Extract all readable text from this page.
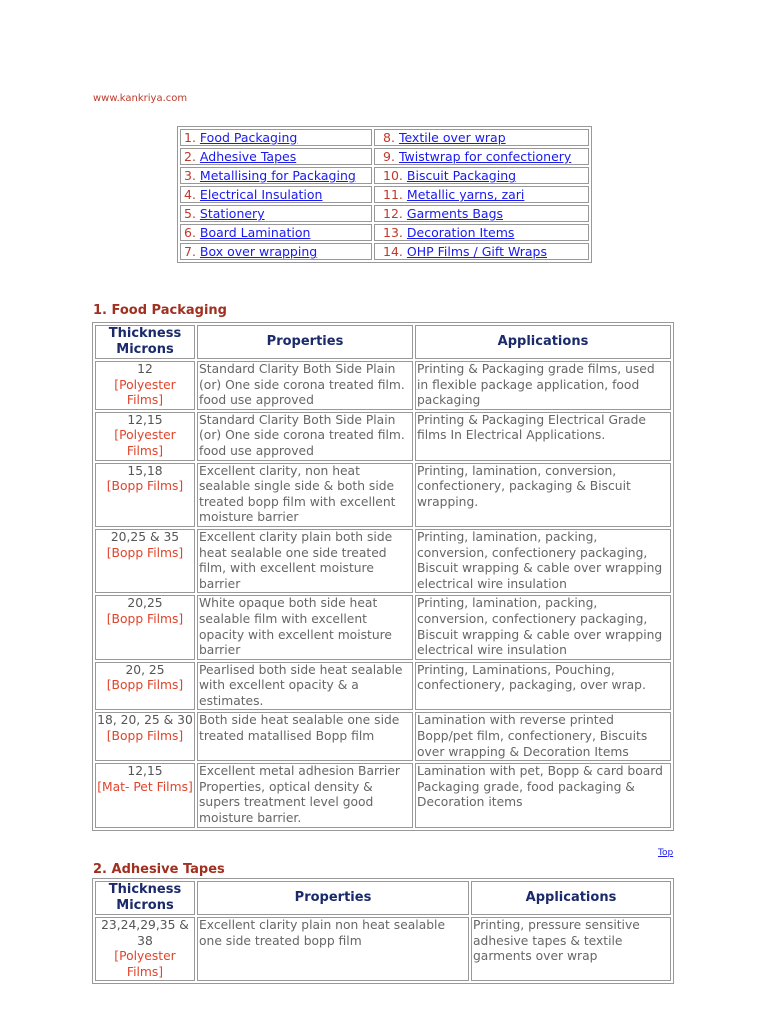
www.kankriya.com
1. Food Packaging	8. Textile over wrap
2. Adhesive Tapes	9. Twistwrap for confectionery
3. Metallising for Packaging	10. Biscuit Packaging
4. Electrical Insulation	11. Metallic yarns, zari
5. Stationery	12. Garments Bags
6. Board Lamination	13. Decoration Items
7. Box over wrapping	14. OHP Films / Gift Wraps
1. Food Packaging
Thickness Microns	Properties	Applications

12
[Polyester Films]	Standard Clarity Both Side Plain (or) One side corona treated film. food use approved	Printing & Packaging grade films, used in flexible package application, food packaging

12,15
[Polyester Films]	Standard Clarity Both Side Plain (or) One side corona treated film. food use approved	Printing & Packaging Electrical Grade films In Electrical Applications.

15,18
[Bopp Films]	Excellent clarity, non heat sealable single side & both side treated bopp film with excellent moisture barrier	Printing, lamination, conversion, confectionery, packaging & Biscuit wrapping.

20,25 & 35
[Bopp Films]	Excellent clarity plain both side heat sealable one side treated film, with excellent moisture barrier	Printing, lamination, packing, conversion, confectionery packaging, Biscuit wrapping & cable over wrapping electrical wire insulation

20,25
[Bopp Films]	White opaque both side heat sealable film with excellent opacity with excellent moisture barrier	Printing, lamination, packing, conversion, confectionery packaging, Biscuit wrapping & cable over wrapping electrical wire insulation

20, 25
[Bopp Films]	Pearlised both side heat sealable with excellent opacity & a estimates.	Printing, Laminations, Pouching, confectionery, packaging, over wrap.

18, 20, 25 & 30
[Bopp Films]	Both side heat sealable one side treated matallised Bopp film	Lamination with reverse printed Bopp/pet film, confectionery, Biscuits over wrapping & Decoration Items

12,15
[Mat- Pet Films]	Excellent metal adhesion Barrier Properties, optical density & supers treatment level good moisture barrier.	Lamination with pet, Bopp & card board Packaging grade, food packaging & Decoration items
Top
2. Adhesive Tapes
Thickness Microns	Properties	Applications

23,24,29,35 & 38
[Polyester Films]	Excellent clarity plain non heat sealable one side treated bopp film	Printing, pressure sensitive adhesive tapes & textile garments over wrap
